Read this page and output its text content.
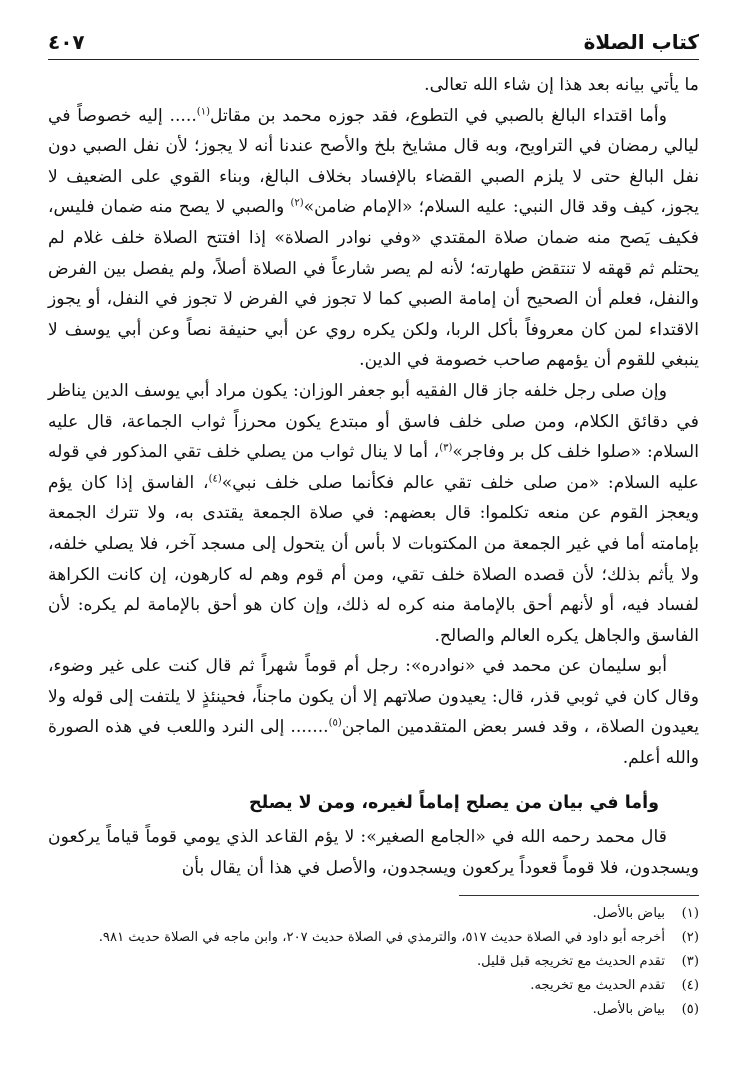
كتاب الصلاة
٤٠٧

ما يأتي بيانه بعد هذا إن شاء الله تعالى.

وأما اقتداء البالغ بالصبي في التطوع، فقد جوزه محمد بن مقاتل$^{(١)}$..... إليه خصوصاً في ليالي رمضان في التراويح، وبه قال مشايخ بلخ والأصح عندنا أنه لا يجوز؛ لأن نفل الصبي دون نفل البالغ حتى لا يلزم الصبي القضاء بالإفساد بخلاف البالغ، وبناء القوي على الضعيف لا يجوز، كيف وقد قال النبي: عليه السلام؛ «الإمام ضامن»$^{(٢)}$ والصبي لا يصح منه ضمان فليس، فكيف يَصح منه ضمان صلاة المقتدي «وفي نوادر الصلاة» إذا افتتح الصلاة خلف غلام لم يحتلم ثم قهقه لا تنتقض طهارته؛ لأنه لم يصر شارعاً في الصلاة أصلاً، ولم يفصل بين الفرض والنفل، فعلم أن الصحيح أن إمامة الصبي كما لا تجوز في الفرض لا تجوز في النفل، أو يجوز الاقتداء لمن كان معروفاً بأكل الربا، ولكن يكره روي عن أبي حنيفة نصاً وعن أبي يوسف لا ينبغي للقوم أن يؤمهم صاحب خصومة في الدين.

وإن صلى رجل خلفه جاز قال الفقيه أبو جعفر الوزان: يكون مراد أبي يوسف الدين يناظر في دقائق الكلام، ومن صلى خلف فاسق أو مبتدع يكون محرزاً ثواب الجماعة، قال عليه السلام: «صلوا خلف كل بر وفاجر»$^{(٣)}$، أما لا ينال ثواب من يصلي خلف تقي المذكور في قوله عليه السلام: «من صلى خلف تقي عالم فكأنما صلى خلف نبي»$^{(٤)}$، الفاسق إذا كان يؤم ويعجز القوم عن منعه تكلموا: قال بعضهم: في صلاة الجمعة يقتدى به، ولا تترك الجمعة بإمامته أما في غير الجمعة من المكتوبات لا بأس أن يتحول إلى مسجد آخر، فلا يصلي خلفه، ولا يأثم بذلك؛ لأن قصده الصلاة خلف تقي، ومن أم قوم وهم له كارهون، إن كانت الكراهة لفساد فيه، أو لأنهم أحق بالإمامة منه كره له ذلك، وإن كان هو أحق بالإمامة لم يكره: لأن الفاسق والجاهل يكره العالم والصالح.

أبو سليمان عن محمد في «نوادره»: رجل أم قوماً شهراً ثم قال كنت على غير وضوء، وقال كان في ثوبي قذر، قال: يعيدون صلاتهم إلا أن يكون ماجناً، فحينئذٍ لا يلتفت إلى قوله ولا يعيدون الصلاة، ، وقد فسر بعض المتقدمين الماجن$^{(٥)}$....... إلى النرد واللعب في هذه الصورة والله أعلم.

وأما في بيان من يصلح إماماً لغيره، ومن لا يصلح

قال محمد رحمه الله في «الجامع الصغير»: لا يؤم القاعد الذي يومي قوماً قياماً يركعون ويسجدون، فلا قوماً قعوداً يركعون ويسجدون، والأصل في هذا أن يقال بأن

(١)
بياض بالأصل.
(٢)
أخرجه أبو داود في الصلاة حديث ٥١٧، والترمذي في الصلاة حديث ٢٠٧، وابن ماجه في الصلاة حديث ٩٨١.
(٣)
تقدم الحديث مع تخريجه قبل قليل.
(٤)
تقدم الحديث مع تخريجه.
(٥)
بياض بالأصل.
